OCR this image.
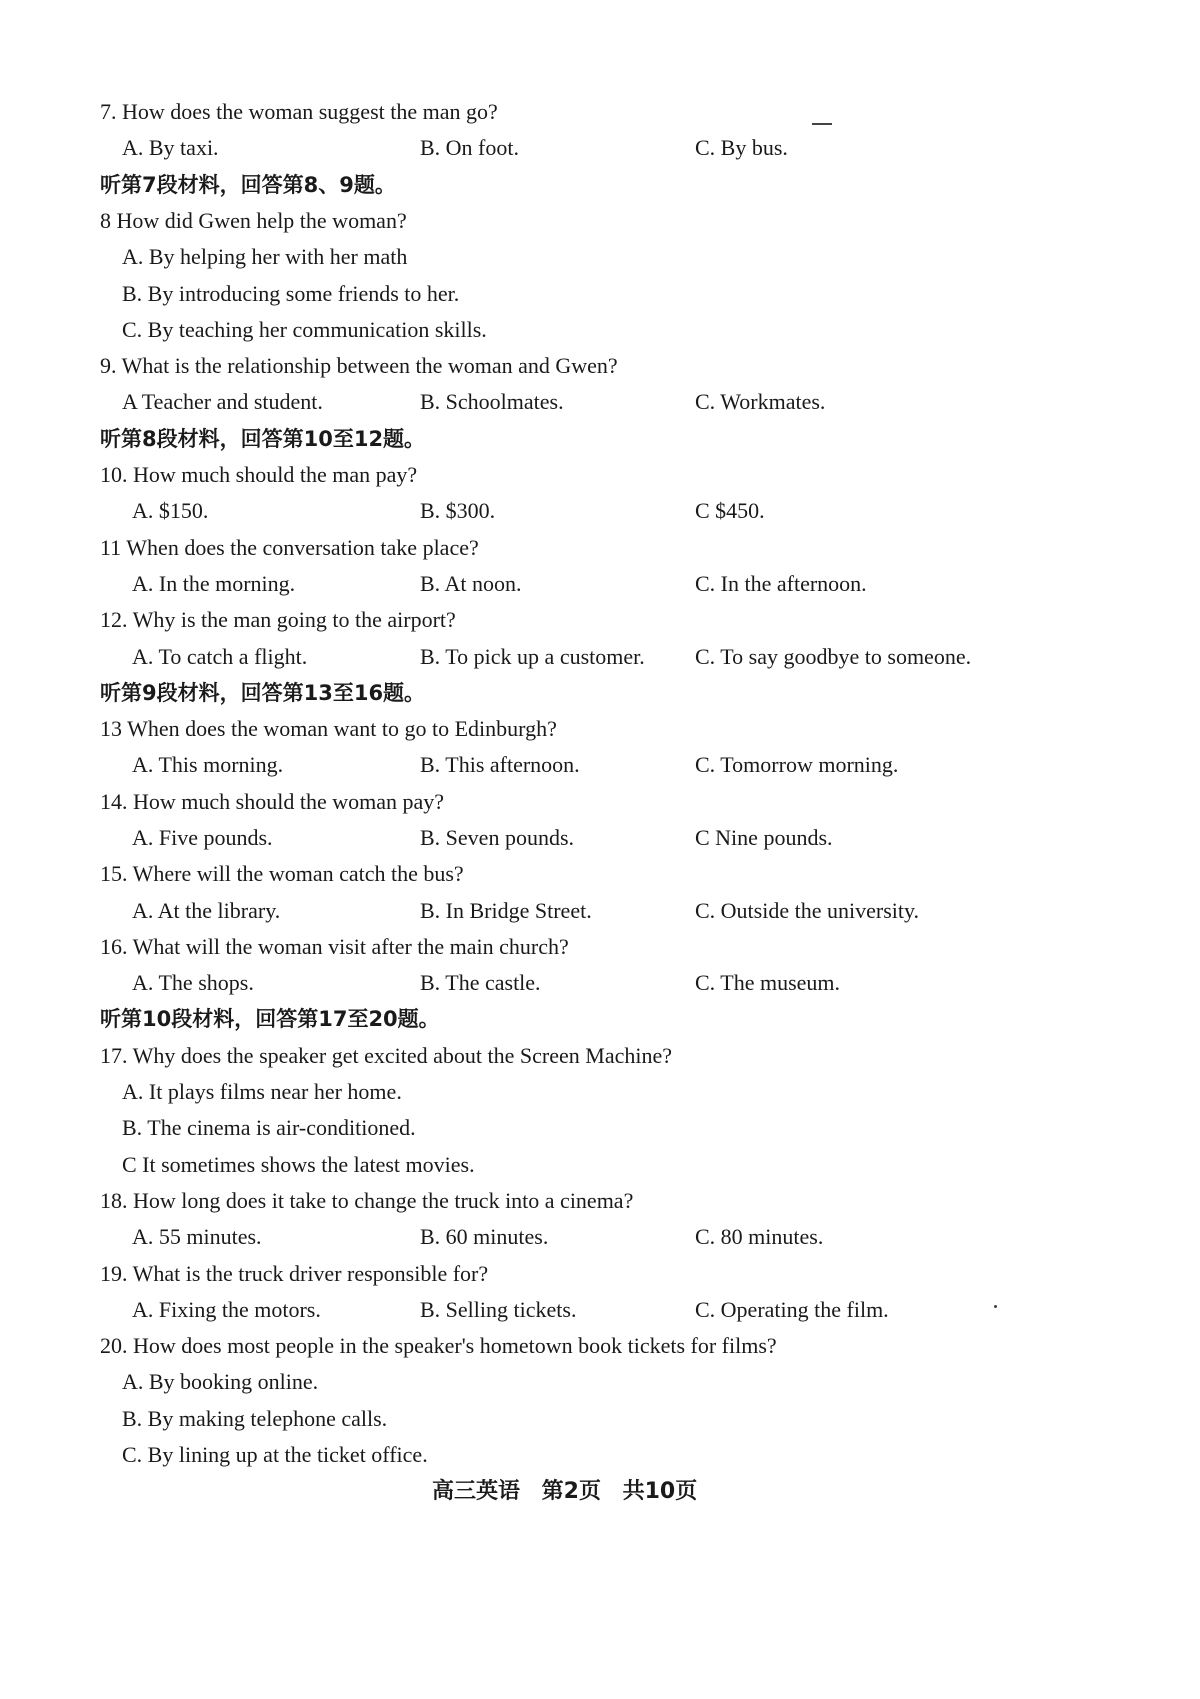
7. How does the woman suggest the man go?
A. By taxi.	B. On foot.	C. By bus.
听第7段材料，回答第8、9题。
8 How did Gwen help the woman?
A. By helping her with her math
B. By introducing some friends to her.
C. By teaching her communication skills.
9. What is the relationship between the woman and Gwen?
A Teacher and student.	B. Schoolmates.	C. Workmates.
听第8段材料，回答第10至12题。
10. How much should the man pay?
A. $150.	B. $300.	C $450.
11 When does the conversation take place?
A. In the morning.	B. At noon.	C. In the afternoon.
12. Why is the man going to the airport?
A. To catch a flight.	B. To pick up a customer. C. To say goodbye to someone.
听第9段材料，回答第13至16题。
13 When does the woman want to go to Edinburgh?
A. This morning.	B. This afternoon.	C. Tomorrow morning.
14. How much should the woman pay?
A. Five pounds.	B. Seven pounds.	C Nine pounds.
15. Where will the woman catch the bus?
A. At the library.	B. In Bridge Street.	C. Outside the university.
16. What will the woman visit after the main church?
A. The shops.	B. The castle.	C. The museum.
听第10段材料，回答第17至20题。
17. Why does the speaker get excited about the Screen Machine?
A. It plays films near her home.
B. The cinema is air-conditioned.
C It sometimes shows the latest movies.
18. How long does it take to change the truck into a cinema?
A. 55 minutes.	B. 60 minutes.	C. 80 minutes.
19. What is the truck driver responsible for?
A. Fixing the motors.	B. Selling tickets.	C. Operating the film.
20. How does most people in the speaker's hometown book tickets for films?
A. By booking online.
B. By making telephone calls.
C. By lining up at the ticket office.
高三英语 第2页 共10页
